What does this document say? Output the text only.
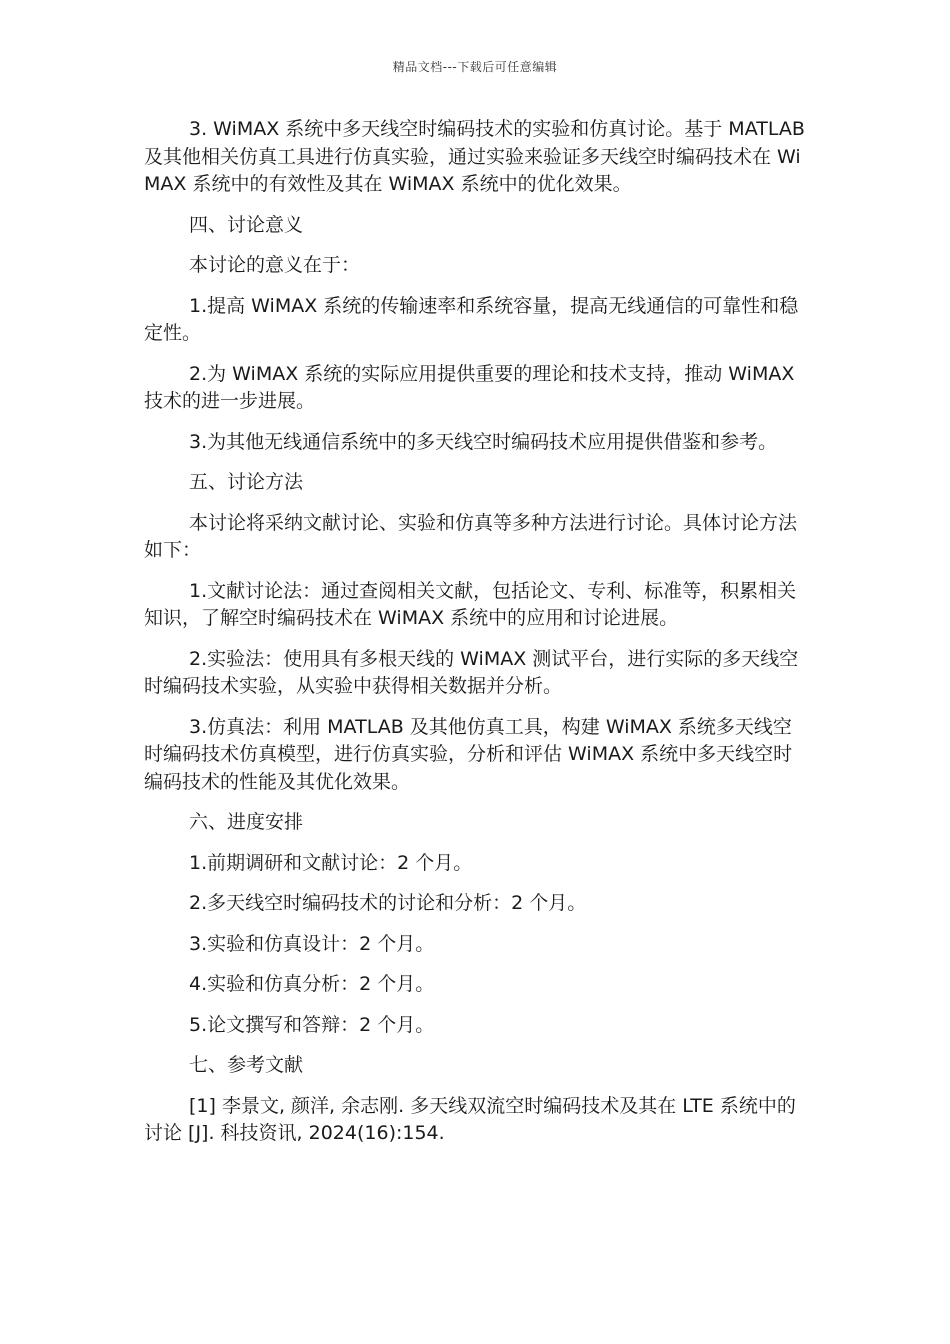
精品文档---下载后可任意编辑

3. WiMAX 系统中多天线空时编码技术的实验和仿真讨论。基于 MATLAB 及其他相关仿真工具进行仿真实验，通过实验来验证多天线空时编码技术在 WiMAX 系统中的有效性及其在 WiMAX 系统中的优化效果。

四、讨论意义

本讨论的意义在于：

1.提高 WiMAX 系统的传输速率和系统容量，提高无线通信的可靠性和稳定性。

2.为 WiMAX 系统的实际应用提供重要的理论和技术支持，推动 WiMAX 技术的进一步进展。

3.为其他无线通信系统中的多天线空时编码技术应用提供借鉴和参考。

五、讨论方法

本讨论将采纳文献讨论、实验和仿真等多种方法进行讨论。具体讨论方法如下：

1.文献讨论法：通过查阅相关文献，包括论文、专利、标准等，积累相关知识，了解空时编码技术在 WiMAX 系统中的应用和讨论进展。

2.实验法：使用具有多根天线的 WiMAX 测试平台，进行实际的多天线空时编码技术实验，从实验中获得相关数据并分析。

3.仿真法：利用 MATLAB 及其他仿真工具，构建 WiMAX 系统多天线空时编码技术仿真模型，进行仿真实验，分析和评估 WiMAX 系统中多天线空时编码技术的性能及其优化效果。

六、进度安排

1.前期调研和文献讨论：2 个月。

2.多天线空时编码技术的讨论和分析：2 个月。

3.实验和仿真设计：2 个月。

4.实验和仿真分析：2 个月。

5.论文撰写和答辩：2 个月。

七、参考文献

[1] 李景文, 颜洋, 余志刚. 多天线双流空时编码技术及其在 LTE 系统中的讨论 [J]. 科技资讯, 2024(16):154.
